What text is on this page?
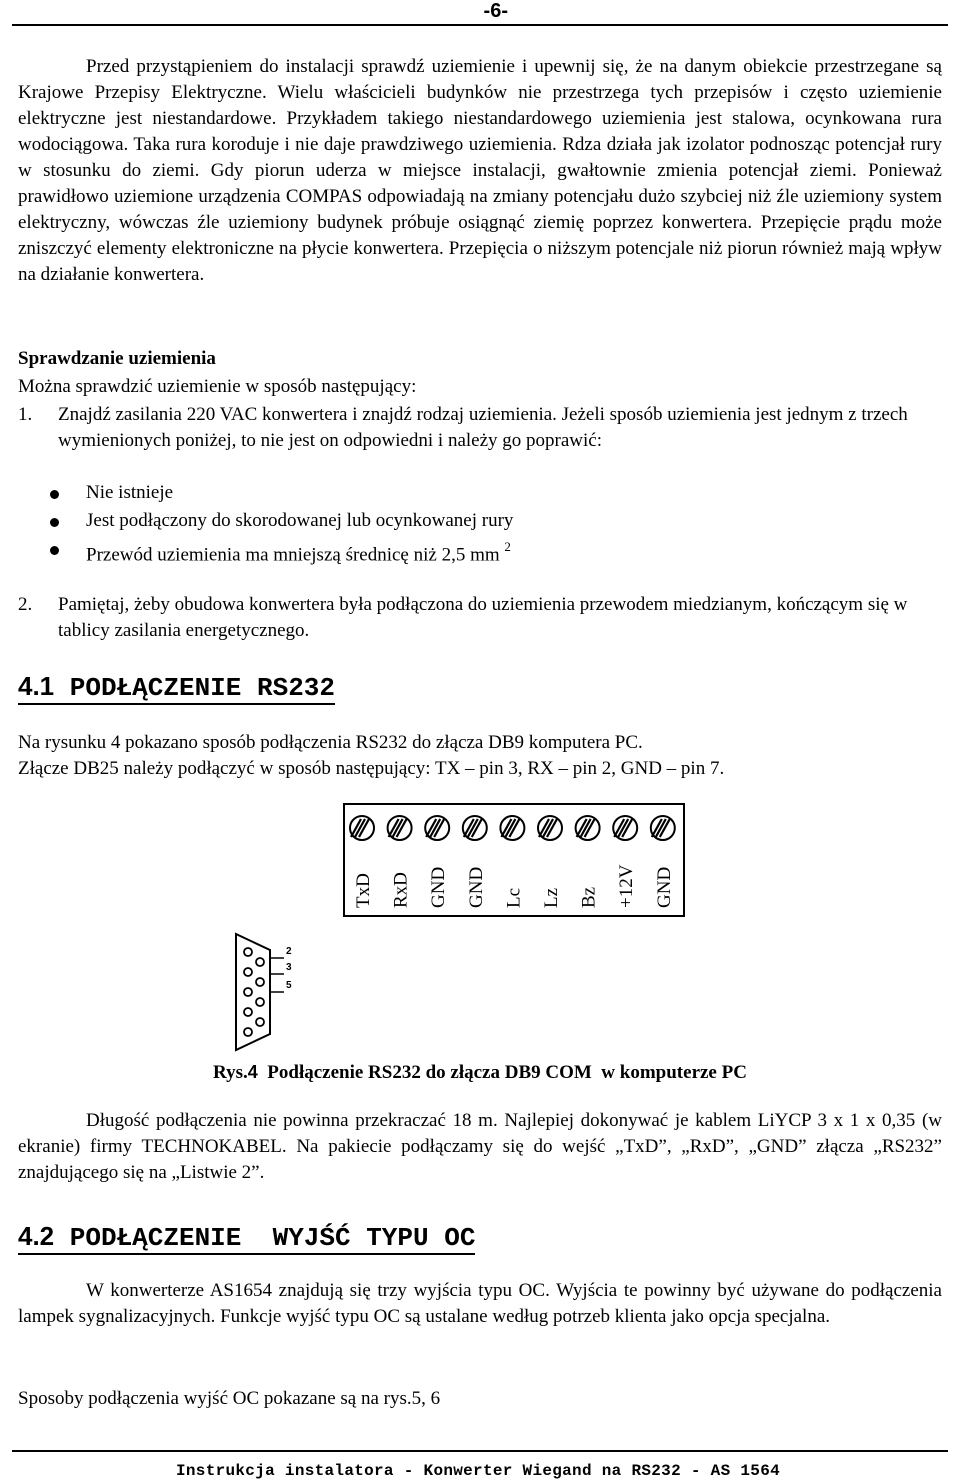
-6-

Przed przystąpieniem do instalacji sprawdź uziemienie i upewnij się, że na danym obiekcie przestrzegane są Krajowe Przepisy Elektryczne. Wielu właścicieli budynków nie przestrzega tych przepisów i często uziemienie elektryczne jest niestandardowe. Przykładem takiego niestandardowego uziemienia jest stalowa, ocynkowana rura wodociągowa. Taka rura koroduje i nie daje prawdziwego uziemienia. Rdza działa jak izolator podnosząc potencjał rury w stosunku do ziemi. Gdy piorun uderza w miejsce instalacji, gwałtownie zmienia potencjał ziemi. Ponieważ prawidłowo uziemione urządzenia COMPAS odpowiadają na zmiany potencjału dużo szybciej niż źle uziemiony system elektryczny, wówczas źle uziemiony budynek próbuje osiągnąć ziemię poprzez konwertera. Przepięcie prądu może zniszczyć elementy elektroniczne na płycie konwertera. Przepięcia o niższym potencjale niż piorun również mają wpływ na działanie konwertera.

Sprawdzanie uziemienia

Można sprawdzić uziemienie w sposób następujący:

1. Znajdź zasilania 220 VAC konwertera i znajdź rodzaj uziemienia. Jeżeli sposób uziemienia jest jednym z trzech wymienionych poniżej, to nie jest on odpowiedni i należy go poprawić:
Nie istnieje
Jest podłączony do skorodowanej lub ocynkowanej rury
Przewód uziemienia ma mniejszą średnicę niż 2,5 mm $^2$
2. Pamiętaj, żeby obudowa konwertera była podłączona do uziemienia przewodem miedzianym, kończącym się w tablicy zasilania energetycznego.
4.1 PODŁĄCZENIE RS232

Na rysunku 4 pokazano sposób podłączenia RS232 do złącza DB9 komputera PC.

Złącze DB25 należy podłączyć w sposób następujący: TX – pin 3, RX – pin 2, GND – pin 7.

TxD RxD GND GND Lc Lz Bz +12V GND
2
3
5
Rys.4  Podłączenie RS232 do złącza DB9 COM  w komputerze PC

Długość podłączenia nie powinna przekraczać 18 m. Najlepiej dokonywać je kablem LiYCP 3 x 1 x 0,35 (w ekranie) firmy TECHNOKABEL. Na pakiecie podłączamy się do wejść „TxD”, „RxD”, „GND” złącza „RS232” znajdującego się na „Listwie 2”.

4.2 PODŁĄCZENIE  WYJŚĆ TYPU OC

W konwerterze AS1654 znajdują się trzy wyjścia typu OC. Wyjścia te powinny być używane do podłączenia lampek sygnalizacyjnych. Funkcje wyjść typu OC są ustalane według potrzeb klienta jako opcja specjalna.

Sposoby podłączenia wyjść OC pokazane są na rys.5, 6

Instrukcja instalatora - Konwerter Wiegand na RS232 - AS 1564
